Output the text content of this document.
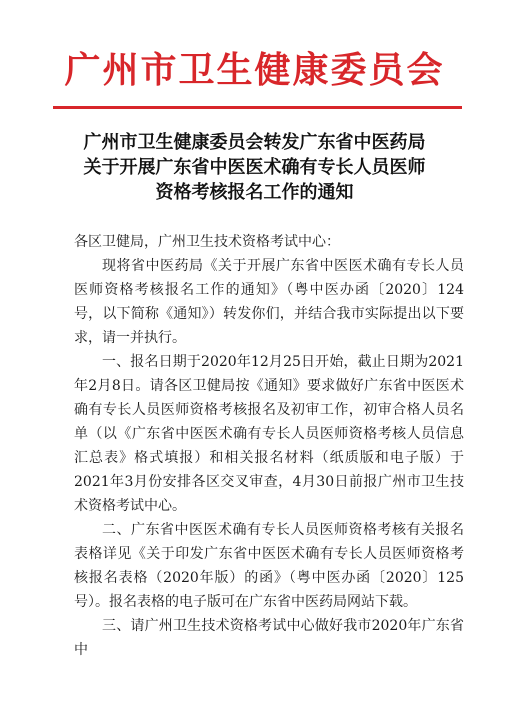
广州市卫生健康委员会
广州市卫生健康委员会转发广东省中医药局
关于开展广东省中医医术确有专长人员医师
资格考核报名工作的通知

各区卫健局，广州卫生技术资格考试中心：

现将省中医药局《关于开展广东省中医医术确有专长人员医师资格考核报名工作的通知》（粤中医办函〔2020〕124号，以下简称《通知》）转发你们，并结合我市实际提出以下要求，请一并执行。

一、报名日期于2020年12月25日开始，截止日期为2021年2月8日。请各区卫健局按《通知》要求做好广东省中医医术确有专长人员医师资格考核报名及初审工作，初审合格人员名单（以《广东省中医医术确有专长人员医师资格考核人员信息汇总表》格式填报）和相关报名材料（纸质版和电子版）于2021年3月份安排各区交叉审查，4月30日前报广州市卫生技术资格考试中心。

二、广东省中医医术确有专长人员医师资格考核有关报名表格详见《关于印发广东省中医医术确有专长人员医师资格考核报名表格（2020年版）的函》（粤中医办函〔2020〕125号）。报名表格的电子版可在广东省中医药局网站下载。

三、请广州卫生技术资格考试中心做好我市2020年广东省中
